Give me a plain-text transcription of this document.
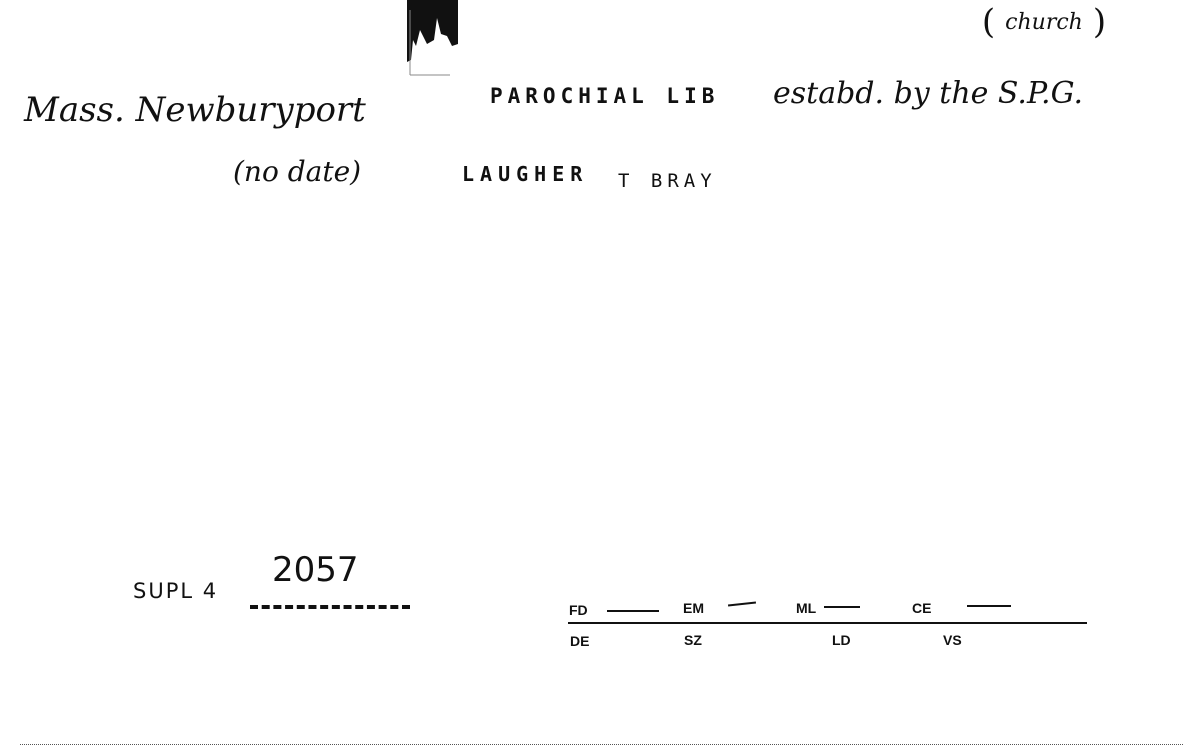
( church )
Mass. Newburyport
(no date)
PAROCHIAL LIB estabd. by the S.P.G.
LAUGHER T BRAY
SUPL 4
2057
FD	EM	ML	CE
DE	SZ	LD	VS
